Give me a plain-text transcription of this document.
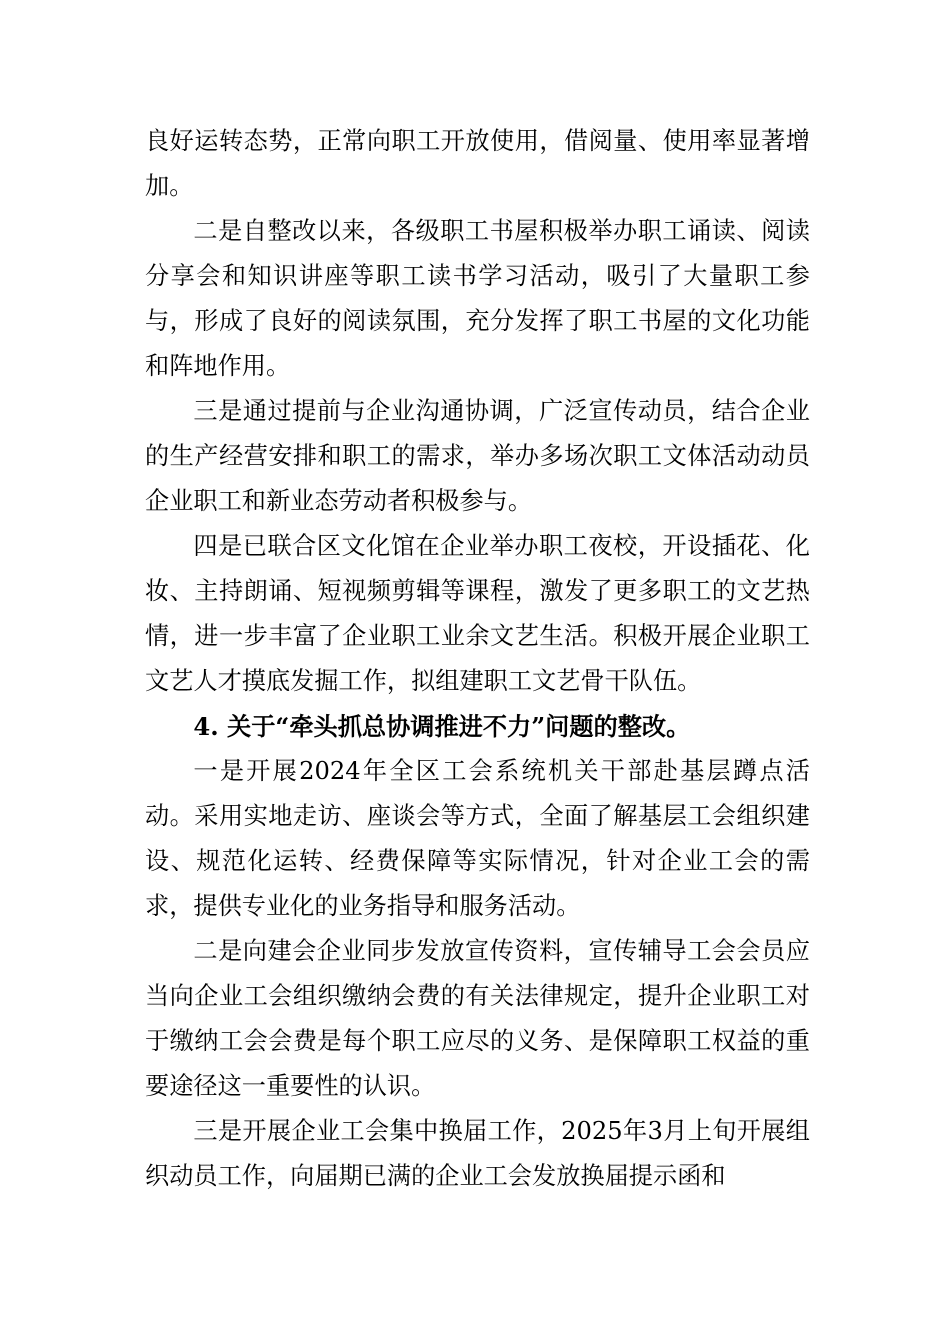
良好运转态势，正常向职工开放使用，借阅量、使用率显著增加。

二是自整改以来，各级职工书屋积极举办职工诵读、阅读分享会和知识讲座等职工读书学习活动，吸引了大量职工参与，形成了良好的阅读氛围，充分发挥了职工书屋的文化功能和阵地作用。

三是通过提前与企业沟通协调，广泛宣传动员，结合企业的生产经营安排和职工的需求，举办多场次职工文体活动动员企业职工和新业态劳动者积极参与。

四是已联合区文化馆在企业举办职工夜校，开设插花、化妆、主持朗诵、短视频剪辑等课程，激发了更多职工的文艺热情，进一步丰富了企业职工业余文艺生活。积极开展企业职工文艺人才摸底发掘工作，拟组建职工文艺骨干队伍。

4. 关于“牵头抓总协调推进不力”问题的整改。

一是开展2024年全区工会系统机关干部赴基层蹲点活动。采用实地走访、座谈会等方式，全面了解基层工会组织建设、规范化运转、经费保障等实际情况，针对企业工会的需求，提供专业化的业务指导和服务活动。

二是向建会企业同步发放宣传资料，宣传辅导工会会员应当向企业工会组织缴纳会费的有关法律规定，提升企业职工对于缴纳工会会费是每个职工应尽的义务、是保障职工权益的重要途径这一重要性的认识。

三是开展企业工会集中换届工作，2025年3月上旬开展组织动员工作，向届期已满的企业工会发放换届提示函和
